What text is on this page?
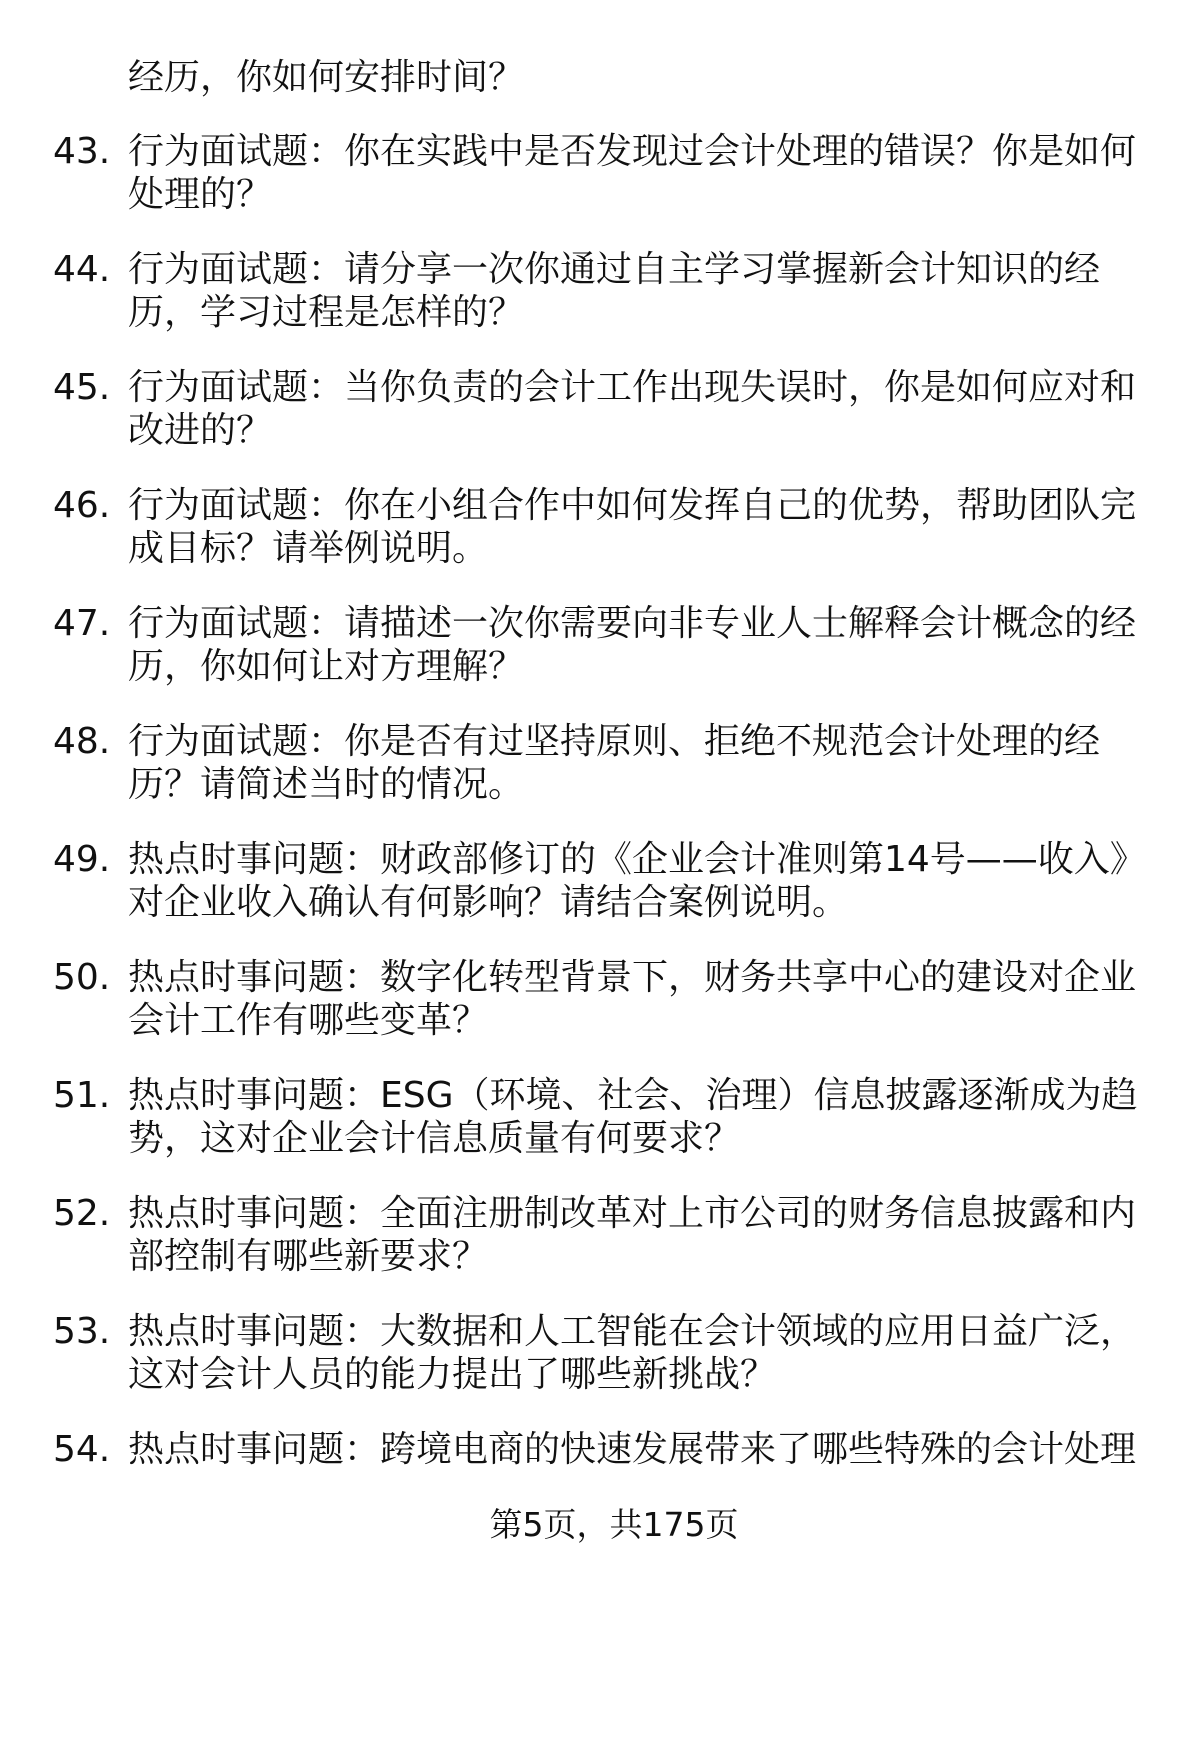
经历，你如何安排时间？
43. 行为面试题：你在实践中是否发现过会计处理的错误？你是如何
处理的？
44. 行为面试题：请分享一次你通过自主学习掌握新会计知识的经
历，学习过程是怎样的？
45. 行为面试题：当你负责的会计工作出现失误时，你是如何应对和
改进的？
46. 行为面试题：你在小组合作中如何发挥自己的优势，帮助团队完
成目标？请举例说明。
47. 行为面试题：请描述一次你需要向非专业人士解释会计概念的经
历，你如何让对方理解？
48. 行为面试题：你是否有过坚持原则、拒绝不规范会计处理的经
历？请简述当时的情况。
49. 热点时事问题：财政部修订的《企业会计准则第14号——收入》
对企业收入确认有何影响？请结合案例说明。
50. 热点时事问题：数字化转型背景下，财务共享中心的建设对企业
会计工作有哪些变革？
51. 热点时事问题：ESG（环境、社会、治理）信息披露逐渐成为趋
势，这对企业会计信息质量有何要求？
52. 热点时事问题：全面注册制改革对上市公司的财务信息披露和内
部控制有哪些新要求？
53. 热点时事问题：大数据和人工智能在会计领域的应用日益广泛，
这对会计人员的能力提出了哪些新挑战？
54. 热点时事问题：跨境电商的快速发展带来了哪些特殊的会计处理
第5页，共175页
